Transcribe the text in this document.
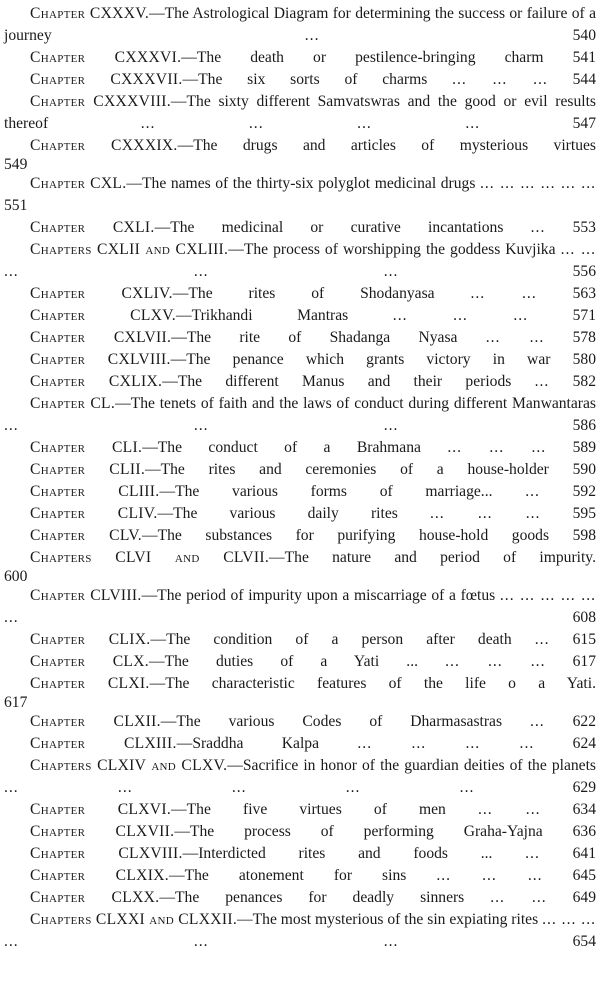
Chapter CXXXV.—The Astrological Diagram for determining the success or failure of a journey	...	540
Chapter CXXXVI.—The death or pestilence-bringing charm 541
Chapter CXXXVII.—The six sorts of charms ... ... ... 544
Chapter CXXXVIII.—The sixty different Samvatswras and the good or evil results thereof	... ... ... ...	547
Chapter CXXXIX.—The drugs and articles of mysterious virtues
549
Chapter CXL.—The names of the thirty-six polyglot medicinal drugs ... ... ... ... ... ... 551
Chapter CXLI.—The medicinal or curative incantations ... 553
Chapters CXLII and CXLIII.—The process of worshipping the goddess Kuvjika ... ... ... ... ...	556
Chapter CXLIV.—The rites of Shodanyasa ... ... 563
Chapter CLXV.—Trikhandi Mantras	... ... ...	571
Chapter CXLVII.—The rite of Shadanga Nyasa ... ... 578
Chapter CXLVIII.—The penance which grants victory in war 580
Chapter CXLIX.—The different Manus and their periods ... 582
Chapter CL.—The tenets of faith and the laws of conduct during different Manwantaras ... ... ...	586
Chapter CLI.—The conduct of a Brahmana ... ... ... 589
Chapter CLII.—The rites and ceremonies of a house-holder 590
Chapter CLIII.—The various forms of marriage... ... 592
Chapter CLIV.—The various daily rites ... ... ... 595
Chapter CLV.—The substances for purifying house-hold goods 598
Chapters CLVI and CLVII.—The nature and period of impurity.
600
Chapter CLVIII.—The period of impurity upon a miscarriage of a fœtus ... ... ... ... ... ...	608
Chapter CLIX.—The condition of a person after death ... 615
Chapter CLX.—The duties of a Yati ... ... ... ... 617
Chapter CLXI.—The characteristic features of the life o a Yati.
617
Chapter CLXII.—The various Codes of Dharmasastras ... 622
Chapter CLXIII.—Sraddha Kalpa ... ... ... ... 624
Chapters CLXIV and CLXV.—Sacrifice in honor of the guardian deities of the planets ... ... ... ... ...	629
Chapter CLXVI.—The five virtues of men ... ... 634
Chapter CLXVII.—The process of performing Graha-Yajna 636
Chapter CLXVIII.—Interdicted rites and foods ... ... 641
Chapter CLXIX.—The atonement for sins ... ... ... 645
Chapter CLXX.—The penances for deadly sinners ... ... 649
Chapters CLXXI and CLXXII.—The most mysterious of the sin expiating rites ... ... ... ... ... ...	654
